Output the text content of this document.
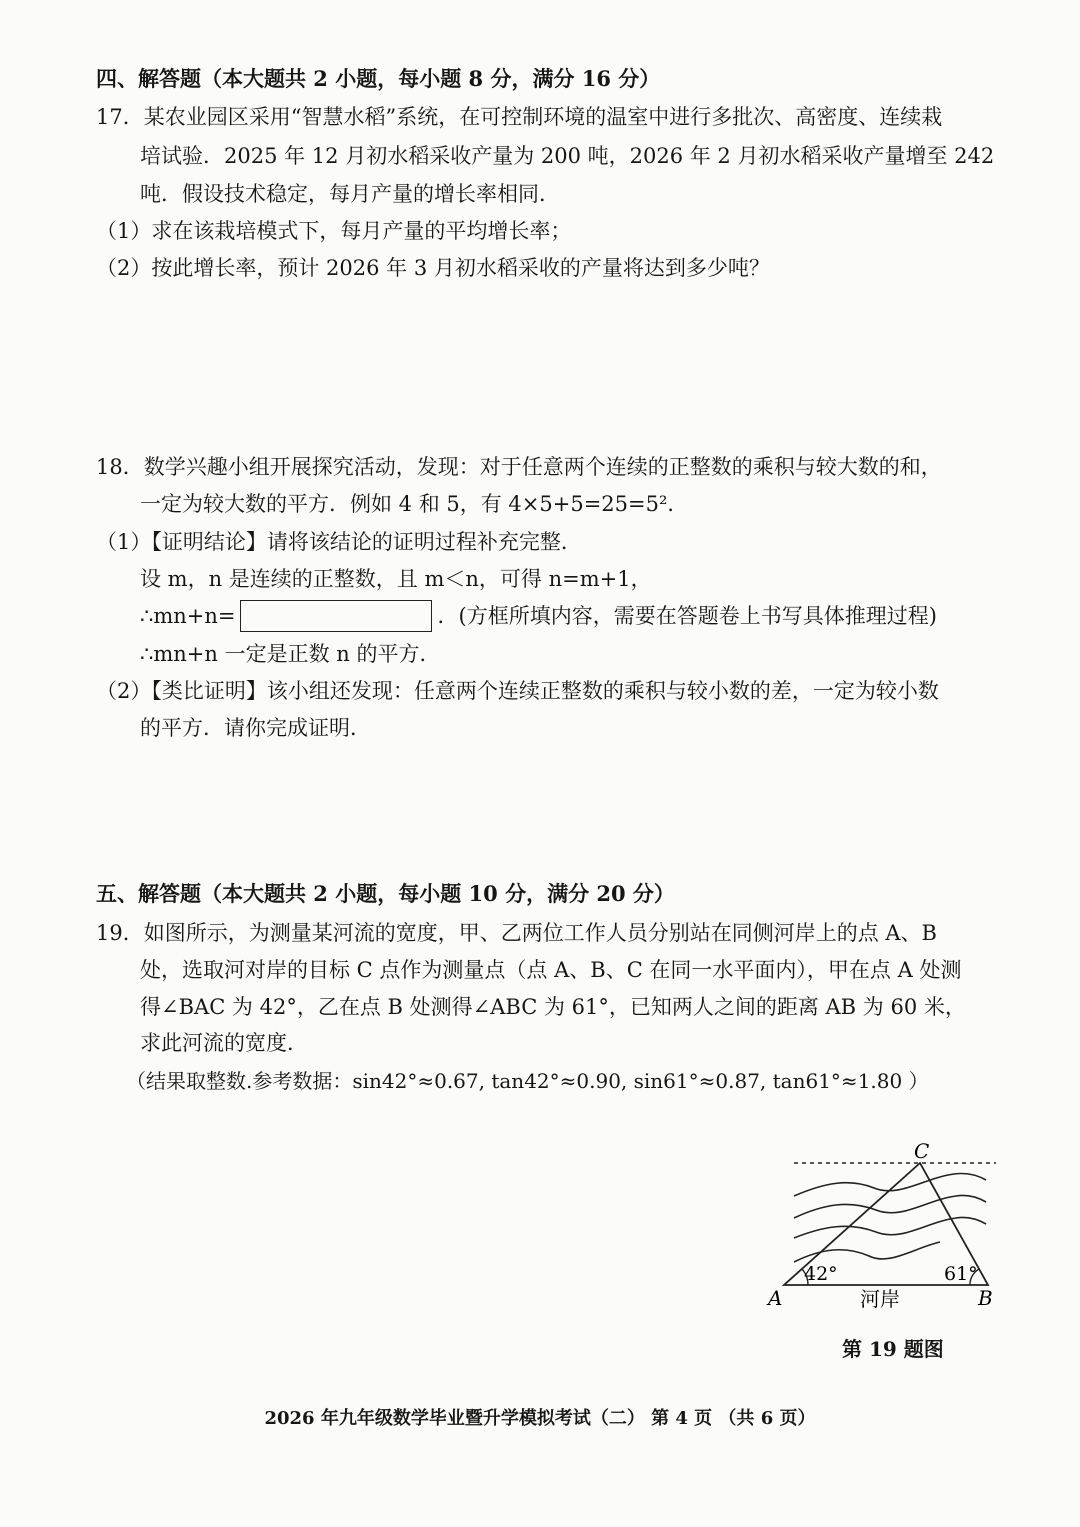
四、解答题（本大题共 2 小题，每小题 8 分，满分 16 分）
17．某农业园区采用“智慧水稻”系统，在可控制环境的温室中进行多批次、高密度、连续栽
培试验．2025 年 12 月初水稻采收产量为 200 吨，2026 年 2 月初水稻采收产量增至 242
吨．假设技术稳定，每月产量的增长率相同．
（1）求在该栽培模式下，每月产量的平均增长率；
（2）按此增长率，预计 2026 年 3 月初水稻采收的产量将达到多少吨？
18．数学兴趣小组开展探究活动，发现：对于任意两个连续的正整数的乘积与较大数的和，
一定为较大数的平方．例如 4 和 5，有 4×5+5=25=5²．
（1）【证明结论】请将该结论的证明过程补充完整．
设 m，n 是连续的正整数，且 m＜n，可得 n=m+1，
∴mn+n=	．(方框所填内容，需要在答题卷上书写具体推理过程)
∴mn+n 一定是正数 n 的平方．
（2）【类比证明】该小组还发现：任意两个连续正整数的乘积与较小数的差，一定为较小数
的平方．请你完成证明．
五、解答题（本大题共 2 小题，每小题 10 分，满分 20 分）
19．如图所示，为测量某河流的宽度，甲、乙两位工作人员分别站在同侧河岸上的点 A、B
处，选取河对岸的目标 C 点作为测量点（点 A、B、C 在同一水平面内），甲在点 A 处测
得∠BAC 为 42°，乙在点 B 处测得∠ABC 为 61°，已知两人之间的距离 AB 为 60 米，
求此河流的宽度．
（结果取整数.参考数据：sin42°≈0.67, tan42°≈0.90, sin61°≈0.87, tan61°≈1.80 ）
C
A	B
42°	61°
河岸
第 19 题图
2026 年九年级数学毕业暨升学模拟考试（二） 第 4 页 （共 6 页）
